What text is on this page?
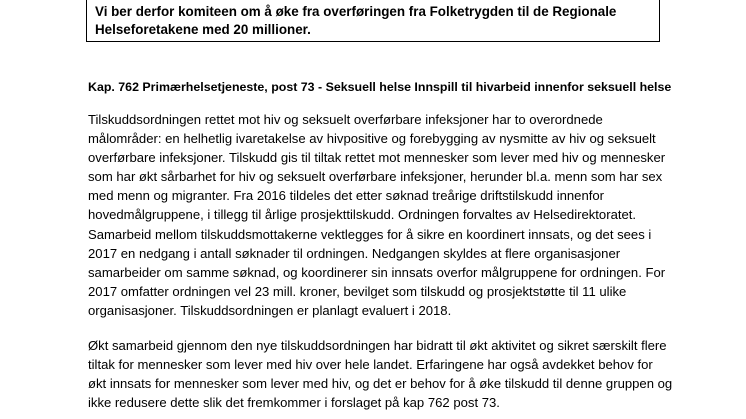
Vi ber derfor komiteen om å øke fra overføringen fra Folketrygden til de Regionale
Helseforetakene med 20 millioner.

Kap. 762 Primærhelsetjeneste, post 73 - Seksuell helse Innspill til hivarbeid innenfor seksuell helse

Tilskuddsordningen rettet mot hiv og seksuelt overførbare infeksjoner har to overordnede
målområder: en helhetlig ivaretakelse av hivpositive og forebygging av nysmitte av hiv og seksuelt
overførbare infeksjoner. Tilskudd gis til tiltak rettet mot mennesker som lever med hiv og mennesker
som har økt sårbarhet for hiv og seksuelt overførbare infeksjoner, herunder bl.a. menn som har sex
med menn og migranter. Fra 2016 tildeles det etter søknad treårige driftstilskudd innenfor
hovedmålgruppene, i tillegg til årlige prosjekttilskudd. Ordningen forvaltes av Helsedirektoratet.
Samarbeid mellom tilskuddsmottakerne vektlegges for å sikre en koordinert innsats, og det sees i
2017 en nedgang i antall søknader til ordningen. Nedgangen skyldes at flere organisasjoner
samarbeider om samme søknad, og koordinerer sin innsats overfor målgruppene for ordningen. For
2017 omfatter ordningen vel 23 mill. kroner, bevilget som tilskudd og prosjektstøtte til 11 ulike
organisasjoner. Tilskuddsordningen er planlagt evaluert i 2018.

Økt samarbeid gjennom den nye tilskuddsordningen har bidratt til økt aktivitet og sikret særskilt flere
tiltak for mennesker som lever med hiv over hele landet. Erfaringene har også avdekket behov for
økt innsats for mennesker som lever med hiv, og det er behov for å øke tilskudd til denne gruppen og
ikke redusere dette slik det fremkommer i forslaget på kap 762 post 73.
